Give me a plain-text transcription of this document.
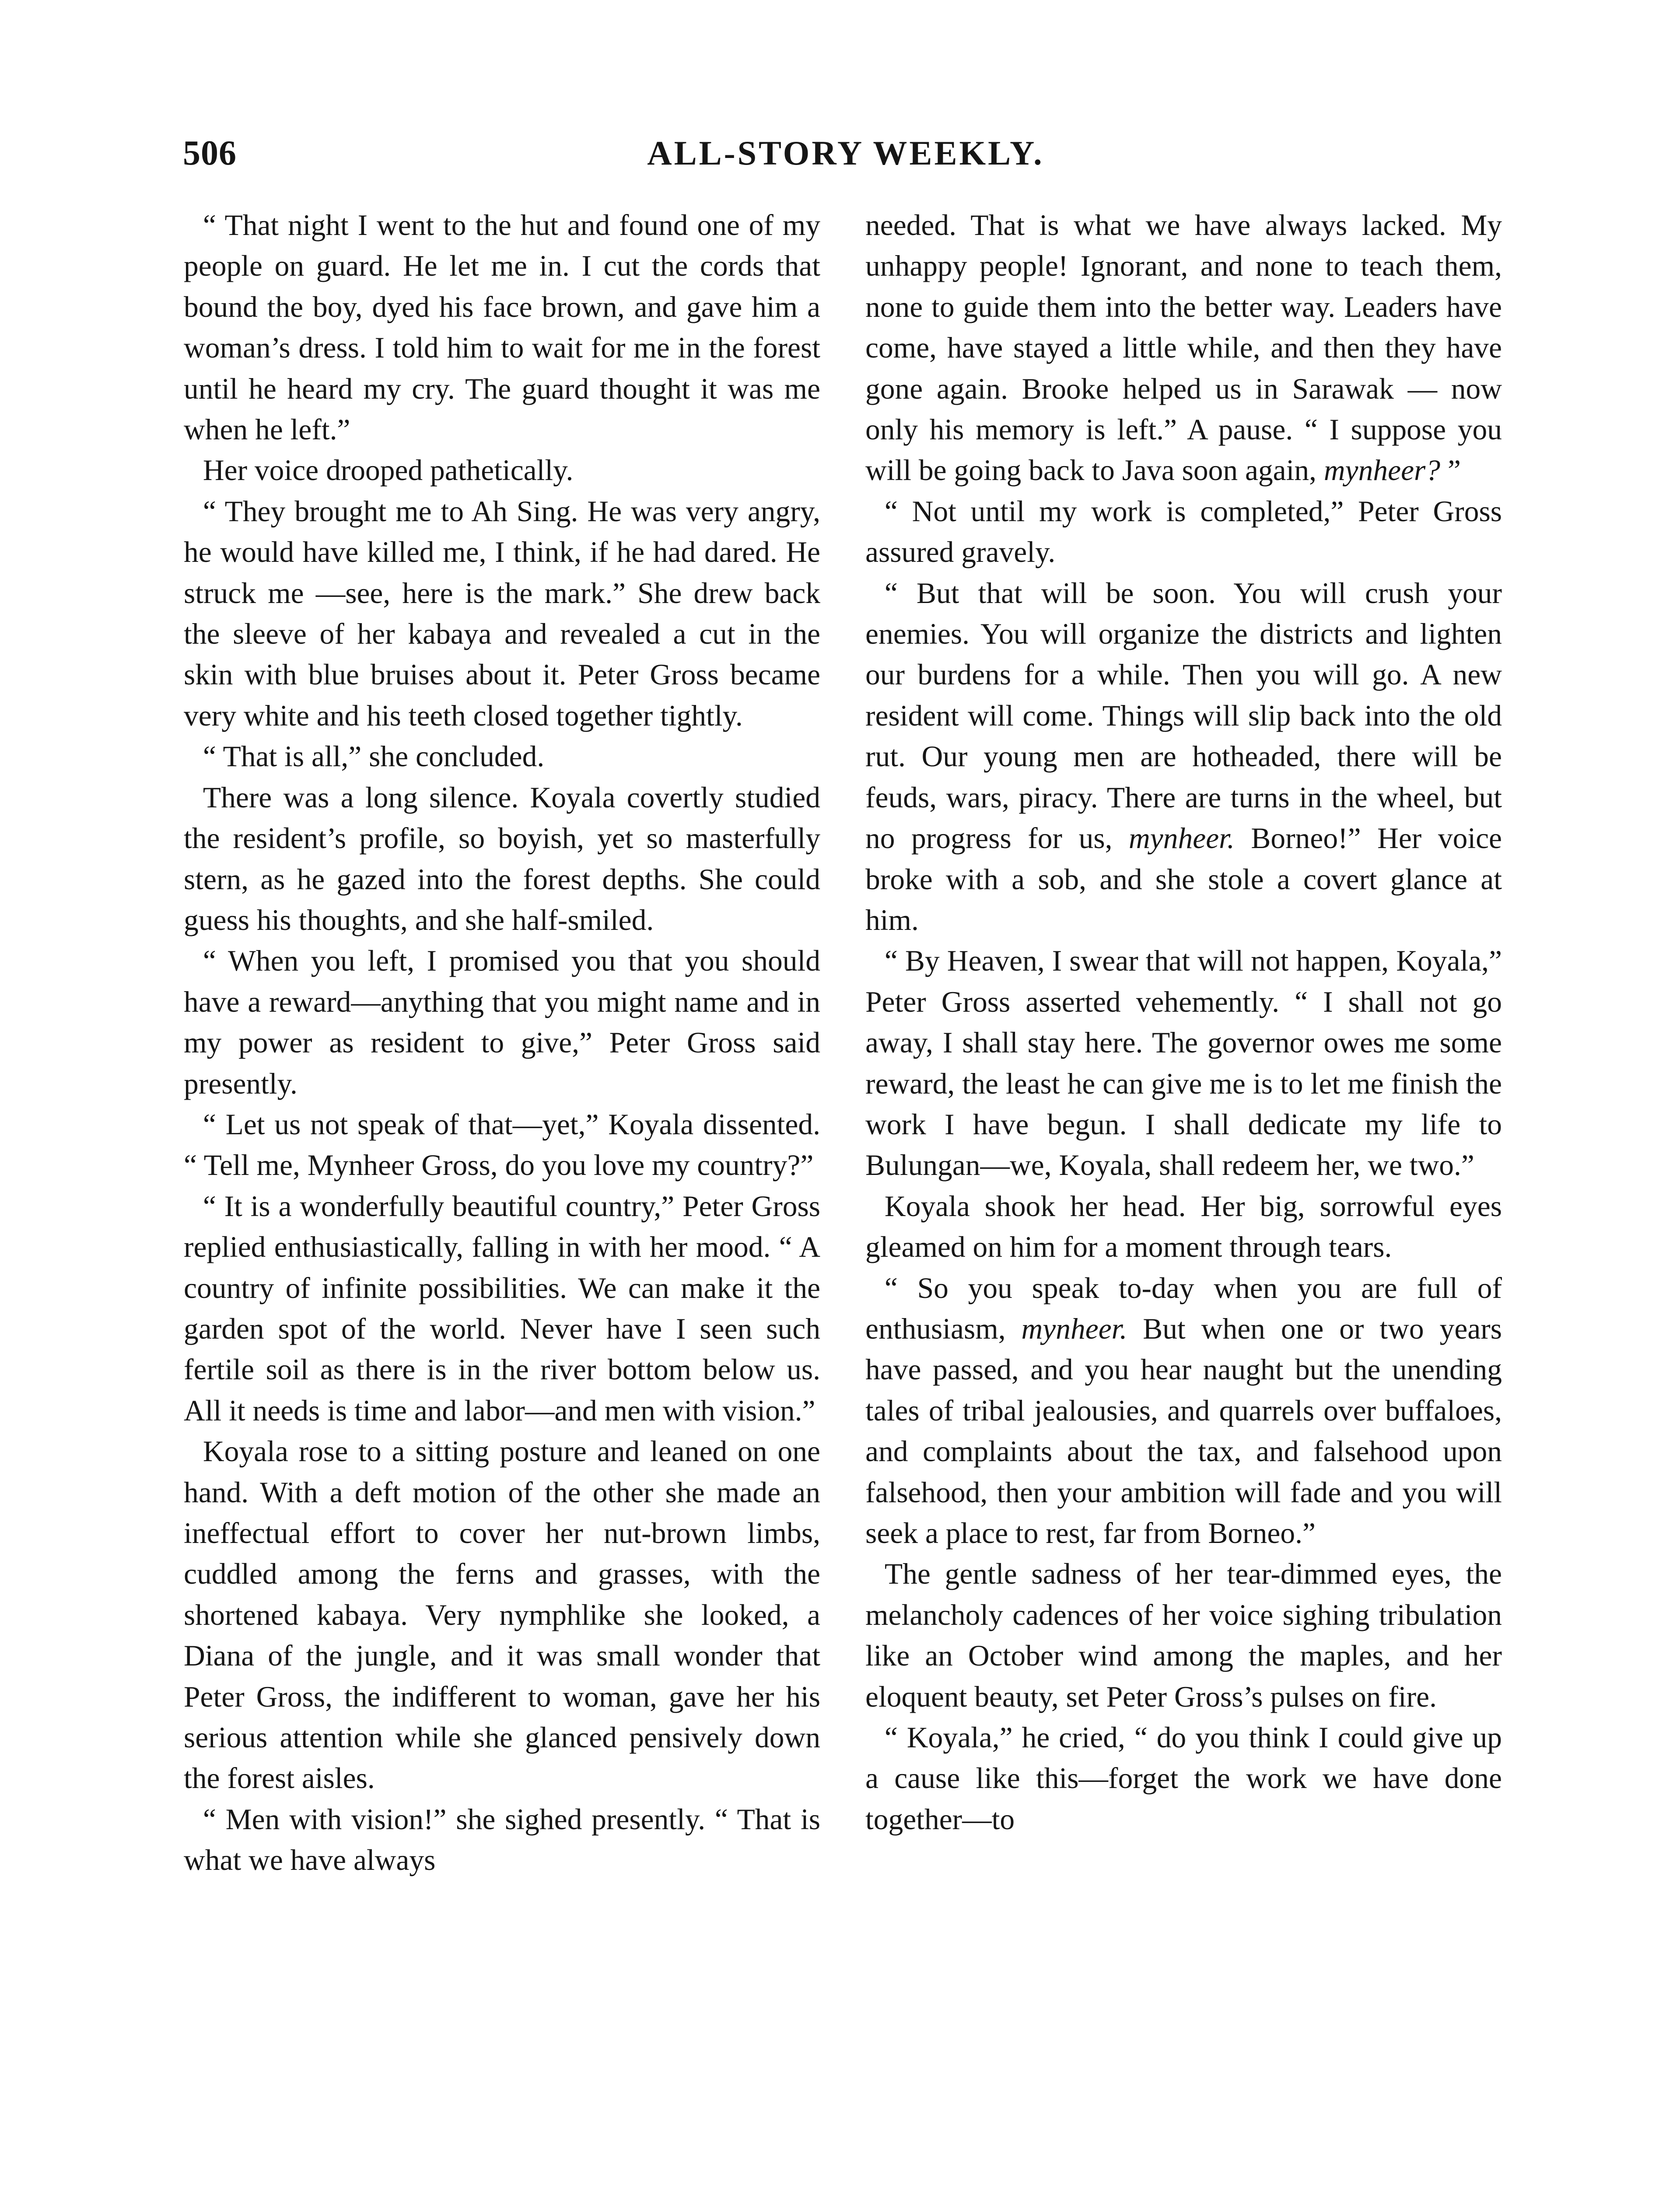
506	ALL-STORY WEEKLY.

“ That night I went to the hut and found one of my people on guard. He let me in. I cut the cords that bound the boy, dyed his face brown, and gave him a woman’s dress. I told him to wait for me in the forest until he heard my cry. The guard thought it was me when he left.”

Her voice drooped pathetically.

“ They brought me to Ah Sing. He was very angry, he would have killed me, I think, if he had dared. He struck me —see, here is the mark.” She drew back the sleeve of her kabaya and revealed a cut in the skin with blue bruises about it. Peter Gross became very white and his teeth closed together tightly.

“ That is all,” she concluded.

There was a long silence. Koyala covertly studied the resident’s profile, so boyish, yet so masterfully stern, as he gazed into the forest depths. She could guess his thoughts, and she half-smiled.

“ When you left, I promised you that you should have a reward—anything that you might name and in my power as resident to give,” Peter Gross said presently.

“ Let us not speak of that—yet,” Koyala dissented. “ Tell me, Mynheer Gross, do you love my country?”

“ It is a wonderfully beautiful country,” Peter Gross replied enthusiastically, falling in with her mood. “ A country of infinite possibilities. We can make it the garden spot of the world. Never have I seen such fertile soil as there is in the river bottom below us. All it needs is time and labor—and men with vision.”

Koyala rose to a sitting posture and leaned on one hand. With a deft motion of the other she made an ineffectual effort to cover her nut-brown limbs, cuddled among the ferns and grasses, with the shortened kabaya. Very nymphlike she looked, a Diana of the jungle, and it was small wonder that Peter Gross, the indifferent to woman, gave her his serious attention while she glanced pensively down the forest aisles.

“ Men with vision!” she sighed presently. “ That is what we have always

needed. That is what we have always lacked. My unhappy people! Ignorant, and none to teach them, none to guide them into the better way. Leaders have come, have stayed a little while, and then they have gone again. Brooke helped us in Sarawak — now only his memory is left.” A pause. “ I suppose you will be going back to Java soon again, mynheer? ”

“ Not until my work is completed,” Peter Gross assured gravely.

“ But that will be soon. You will crush your enemies. You will organize the districts and lighten our burdens for a while. Then you will go. A new resident will come. Things will slip back into the old rut. Our young men are hotheaded, there will be feuds, wars, piracy. There are turns in the wheel, but no progress for us, mynheer. Borneo!” Her voice broke with a sob, and she stole a covert glance at him.

“ By Heaven, I swear that will not happen, Koyala,” Peter Gross asserted vehemently. “ I shall not go away, I shall stay here. The governor owes me some reward, the least he can give me is to let me finish the work I have begun. I shall dedicate my life to Bulungan—we, Koyala, shall redeem her, we two.”

Koyala shook her head. Her big, sorrowful eyes gleamed on him for a moment through tears.

“ So you speak to-day when you are full of enthusiasm, mynheer. But when one or two years have passed, and you hear naught but the unending tales of tribal jealousies, and quarrels over buffaloes, and complaints about the tax, and falsehood upon falsehood, then your ambition will fade and you will seek a place to rest, far from Borneo.”

The gentle sadness of her tear-dimmed eyes, the melancholy cadences of her voice sighing tribulation like an October wind among the maples, and her eloquent beauty, set Peter Gross’s pulses on fire.

“ Koyala,” he cried, “ do you think I could give up a cause like this—forget the work we have done together—to
